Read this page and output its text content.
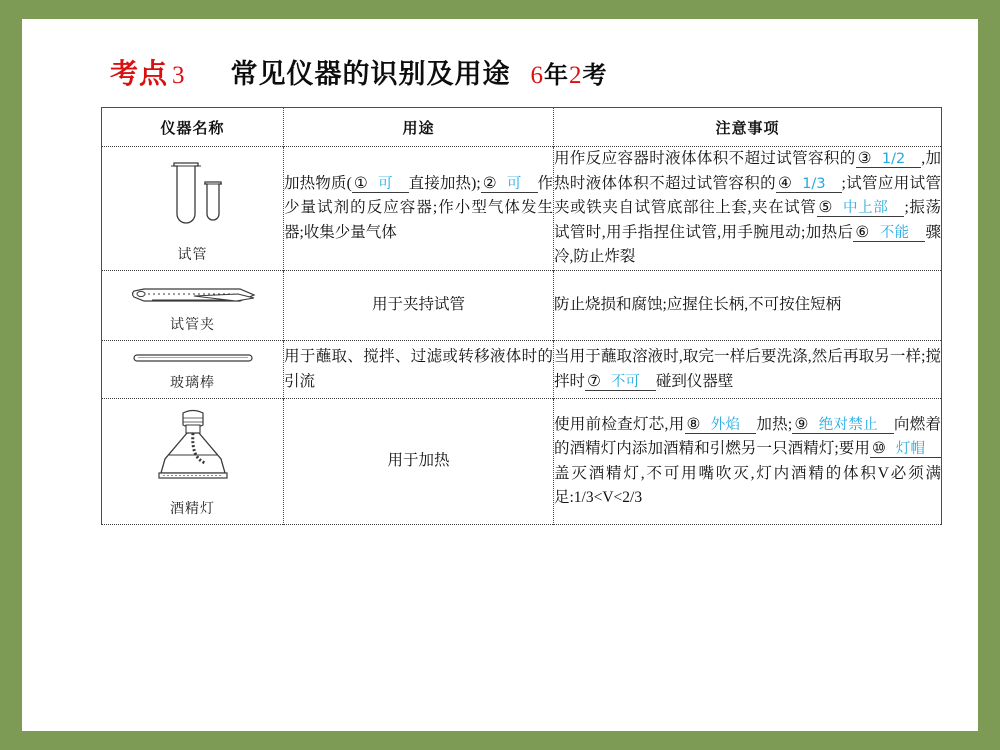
考点 3 常见仪器的识别及用途 6年2考
仪器名称	用途	注意事项

试管	加热物质( ① 可 直接加热); ② 可 作少量试剂的反应容器;作小型气体发生器;收集少量气体	用作反应容器时液体体积不超过试管容积的 ③ 1/2 ,加热时液体体积不超过试管容积的 ④ 1/3 ;试管应用试管夹或铁夹自试管底部往上套,夹在试管 ⑤ 中上部 ;振荡试管时,用手指捏住试管,用手腕甩动;加热后 ⑥ 不能 骤冷,防止炸裂

试管夹	用于夹持试管	防止烧损和腐蚀;应握住长柄,不可按住短柄

玻璃棒	用于蘸取、搅拌、过滤或转移液体时的引流	当用于蘸取溶液时,取完一样后要洗涤,然后再取另一样;搅拌时 ⑦ 不可 碰到仪器壁

酒精灯	用于加热	使用前检查灯芯,用 ⑧ 外焰 加热; ⑨ 绝对禁止 向燃着的酒精灯内添加酒精和引燃另一只酒精灯;要用 ⑩ 灯帽盖灭酒精灯,不可用嘴吹灭,灯内酒精的体积V必须满足:1/3<V<2/3
